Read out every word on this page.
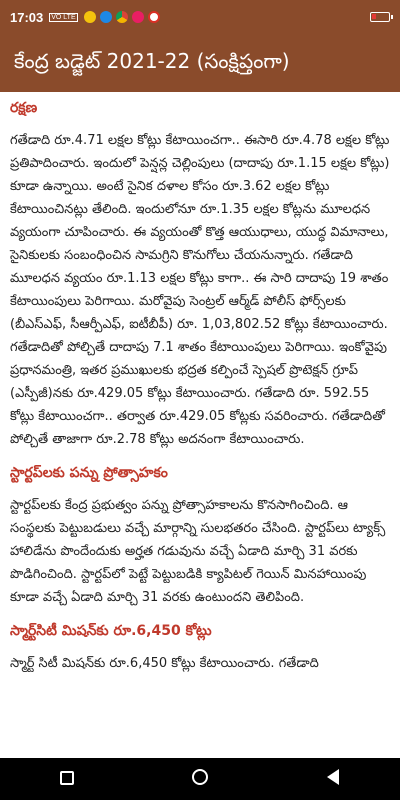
17:03 VO LTE
కేంద్ర బడ్జెట్ 2021-22 (సంక్షిప్తంగా)
రక్షణ

గతేడాది రూ.4.71 లక్షల కోట్లు కేటాయించగా.. ఈసారి రూ.4.78 లక్షల కోట్లు ప్రతిపాదించారు. ఇందులో పెన్షన్ల చెల్లింపులు (దాదాపు రూ.1.15 లక్షల కోట్లు) కూడా ఉన్నాయి. అంటే సైనిక దళాల కోసం రూ.3.62 లక్షల కోట్లు కేటాయించినట్లు తేలింది. ఇందులోనూ రూ.1.35 లక్షల కోట్లను మూలధన వ్యయంగా చూపించారు. ఈ వ్యయంతో కొత్త ఆయుధాలు, యుద్ధ విమానాలు, సైనికులకు సంబంధించిన సామగ్రిని కొనుగోలు చేయనున్నారు. గతేడాది మూలధన వ్యయం రూ.1.13 లక్షల కోట్లు కాగా.. ఈ సారి దాదాపు 19 శాతం కేటాయింపులు పెరిగాయి. మరోవైపు సెంట్రల్ ఆర్మ్‌డ్ పోలీస్ ఫోర్స్‌లకు (బీఎస్ఎఫ్, సీఆర్పీఎఫ్, ఐటీబీపీ) రూ. 1,03,802.52 కోట్లు కేటాయించారు. గతేడాదితో పోల్చితే దాదాపు 7.1 శాతం కేటాయింపులు పెరిగాయి. ఇంకోవైపు ప్రధానమంత్రి, ఇతర ప్రముఖులకు భద్రత కల్పించే స్పెషల్ ప్రొటెక్షన్ గ్రూప్ (ఎస్పీజీ)నకు రూ.429.05 కోట్లు కేటాయించారు. గతేడాది రూ. 592.55 కోట్లు కేటాయించగా.. తర్వాత రూ.429.05 కోట్లకు సవరించారు. గతేడాదితో పోల్చితే తాజాగా రూ.2.78 కోట్లు అదనంగా కేటాయించారు.

స్టార్టప్‌లకు పన్ను ప్రోత్సాహకం

స్టార్టప్‌లకు కేంద్ర ప్రభుత్వం పన్ను ప్రోత్సాహకాలను కొనసాగించింది. ఆ సంస్థలకు పెట్టుబడులు వచ్చే మార్గాన్ని సులభతరం చేసింది. స్టార్టప్‌లు ట్యాక్స్ హాలిడేను పొందేందుకు అర్హత గడువును వచ్చే ఏడాది మార్చి 31 వరకు పొడిగించింది. స్టార్టప్‌లో పెట్టే పెట్టుబడికి క్యాపిటల్ గెయిన్ మినహాయింపు కూడా వచ్చే ఏడాది మార్చి 31 వరకు ఉంటుందని తెలిపింది.

స్మార్ట్‌సిటీ మిషన్‌కు రూ.6,450 కోట్లు

స్మార్ట్ సిటీ మిషన్‌కు రూ.6,450 కోట్లు కేటాయించారు. గతేడాది
